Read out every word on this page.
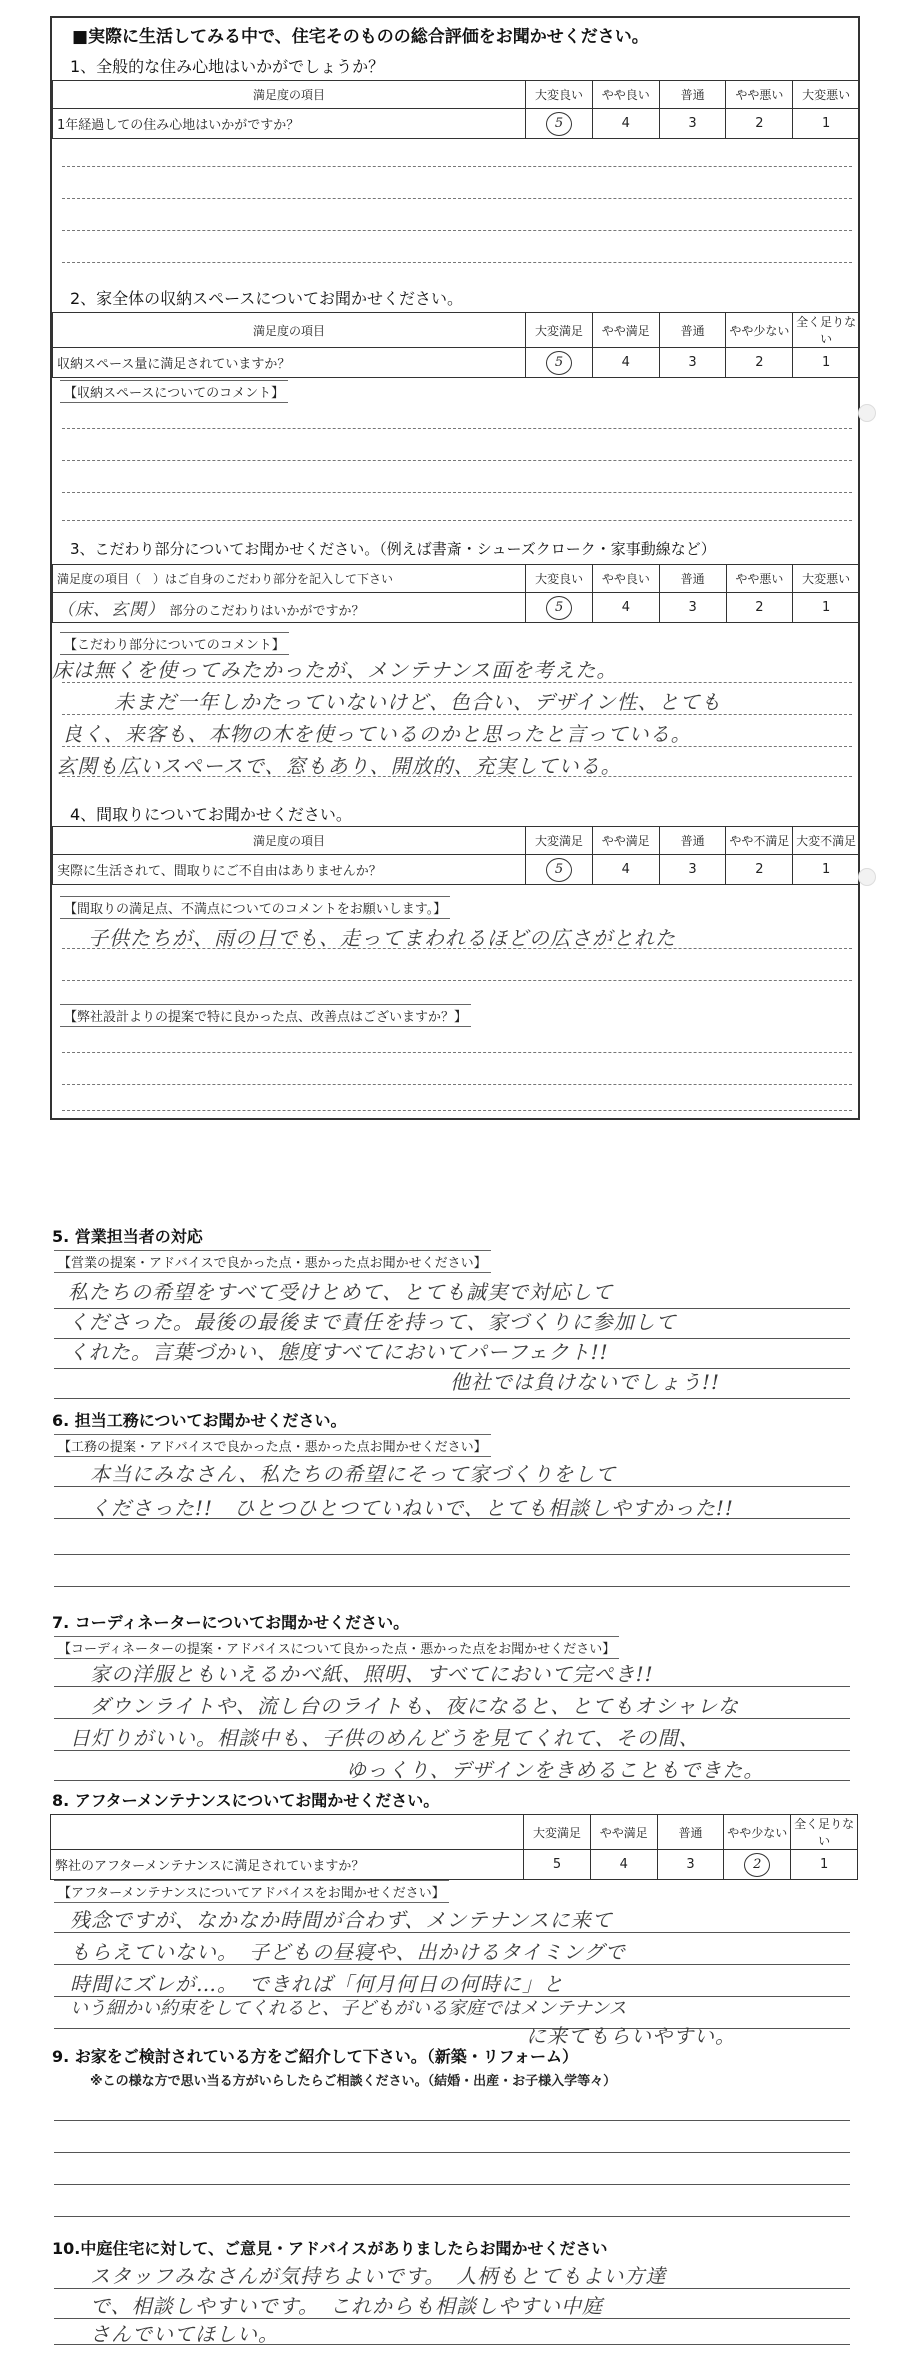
■実際に生活してみる中で、住宅そのものの総合評価をお聞かせください。
1、全般的な住み心地はいかがでしょうか？
満足度の項目	大変良い	やや良い	普通	やや悪い	大変悪い
1年経過しての住み心地はいかがですか？	5	4	3	2	1
2、家全体の収納スペースについてお聞かせください。
満足度の項目	大変満足	やや満足	普通	やや少ない	全く足りない
収納スペース量に満足されていますか？	5	4	3	2	1
【収納スペースについてのコメント】
3、こだわり部分についてお聞かせください。（例えば書斎・シューズクローク・家事動線など）
満足度の項目（　）はご自身のこだわり部分を記入して下さい	大変良い	やや良い	普通	やや悪い	大変悪い
（床、玄関）　 部分のこだわりはいかがですか？	5	4	3	2	1
【こだわり部分についてのコメント】
床は無くを使ってみたかったが、メンテナンス面を考えた。
未まだ一年しかたっていないけど、色合い、デザイン性、とても
良く、来客も、本物の木を使っているのかと思ったと言っている。
玄関も広いスペースで、窓もあり、開放的、充実している。
4、間取りについてお聞かせください。
満足度の項目	大変満足	やや満足	普通	やや不満足	大変不満足
実際に生活されて、間取りにご不自由はありませんか？	5	4	3	2	1
【間取りの満足点、不満点についてのコメントをお願いします。】
子供たちが、雨の日でも、走ってまわれるほどの広さがとれた
【弊社設計よりの提案で特に良かった点、改善点はございますか？】
5. 営業担当者の対応
【営業の提案・アドバイスで良かった点・悪かった点お聞かせください】
私たちの希望をすべて受けとめて、とても誠実で対応して
くださった。最後の最後まで責任を持って、家づくりに参加して
くれた。言葉づかい、態度すべてにおいてパーフェクト!!
他社では負けないでしょう!!
6. 担当工務についてお聞かせください。
【工務の提案・アドバイスで良かった点・悪かった点お聞かせください】
本当にみなさん、私たちの希望にそって家づくりをして
くださった!!　ひとつひとつていねいで、とても相談しやすかった!!
7. コーディネーターについてお聞かせください。
【コーディネーターの提案・アドバイスについて良かった点・悪かった点をお聞かせください】
家の洋服ともいえるかべ紙、照明、すべてにおいて完ぺき!!
ダウンライトや、流し台のライトも、夜になると、とてもオシャレな
日灯りがいい。相談中も、子供のめんどうを見てくれて、その間、
ゆっくり、デザインをきめることもできた。
8. アフターメンテナンスについてお聞かせください。
	大変満足	やや満足	普通	やや少ない	全く足りない
弊社のアフターメンテナンスに満足されていますか？	5	4	3	2	1
【アフターメンテナンスについてアドバイスをお聞かせください】
残念ですが、なかなか時間が合わず、メンテナンスに来て
もらえていない。　子どもの昼寝や、出かけるタイミングで
時間にズレが…。　できれば「何月何日の何時に」と
いう細かい約束をしてくれると、子どもがいる家庭ではメンテナンス
に来てもらいやすい。
9. お家をご検討されている方をご紹介して下さい。（新築・リフォーム）
※この様な方で思い当る方がいらしたらご相談ください。（結婚・出産・お子様入学等々）
10.中庭住宅に対して、ご意見・アドバイスがありましたらお聞かせください
スタッフみなさんが気持ちよいです。　人柄もとてもよい方達
で、相談しやすいです。　これからも相談しやすい中庭
さんでいてほしい。
